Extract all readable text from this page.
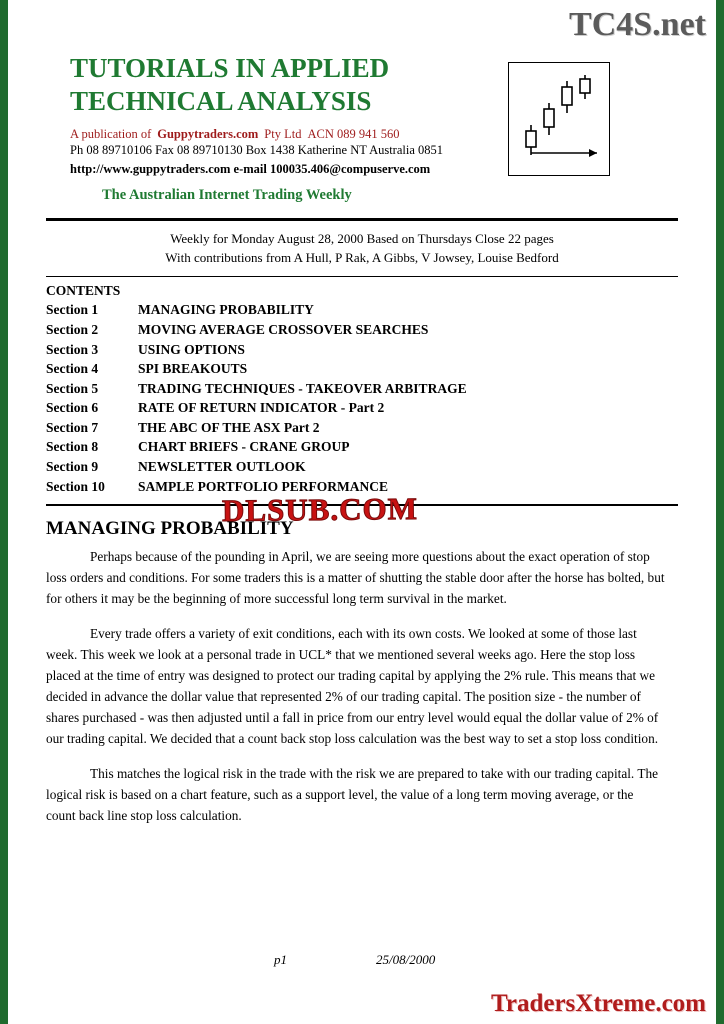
TC4S.net
TUTORIALS IN APPLIED
TECHNICAL ANALYSIS
A publication of Guppytraders.com Pty Ltd ACN 089 941 560
Ph 08 89710106 Fax 08 89710130 Box 1438 Katherine NT Australia 0851
http://www.guppytraders.com e-mail 100035.406@compuserve.com
The Australian Internet Trading Weekly
Weekly for Monday August 28, 2000 Based on Thursdays Close 22 pages
With contributions from A Hull, P Rak, A Gibbs, V Jowsey, Louise Bedford
CONTENTS
Section 1	MANAGING PROBABILITY
Section 2	MOVING AVERAGE CROSSOVER SEARCHES
Section 3	USING OPTIONS
Section 4	SPI BREAKOUTS
Section 5	TRADING TECHNIQUES - TAKEOVER ARBITRAGE
Section 6	RATE OF RETURN INDICATOR - Part 2
Section 7	THE ABC OF THE ASX Part 2
Section 8	CHART BRIEFS - CRANE GROUP
Section 9	NEWSLETTER OUTLOOK
Section 10	SAMPLE PORTFOLIO PERFORMANCE
MANAGING PROBABILITY

Perhaps because of the pounding in April, we are seeing more questions about the exact operation of stop loss orders and conditions. For some traders this is a matter of shutting the stable door after the horse has bolted, but for others it may be the beginning of more successful long term survival in the market.

Every trade offers a variety of exit conditions, each with its own costs. We looked at some of those last week. This week we look at a personal trade in UCL* that we mentioned several weeks ago. Here the stop loss placed at the time of entry was designed to protect our trading capital by applying the 2% rule. This means that we decided in advance the dollar value that represented 2% of our trading capital. The position size - the number of shares purchased - was then adjusted until a fall in price from our entry level would equal the dollar value of 2% of our trading capital. We decided that a count back stop loss calculation was the best way to set a stop loss condition.

This matches the logical risk in the trade with the risk we are prepared to take with our trading capital. The logical risk is based on a chart feature, such as a support level, the value of a long term moving average, or the count back line stop loss calculation.

p1	25/08/2000
DLSUB.COM
TradersXtreme.com
